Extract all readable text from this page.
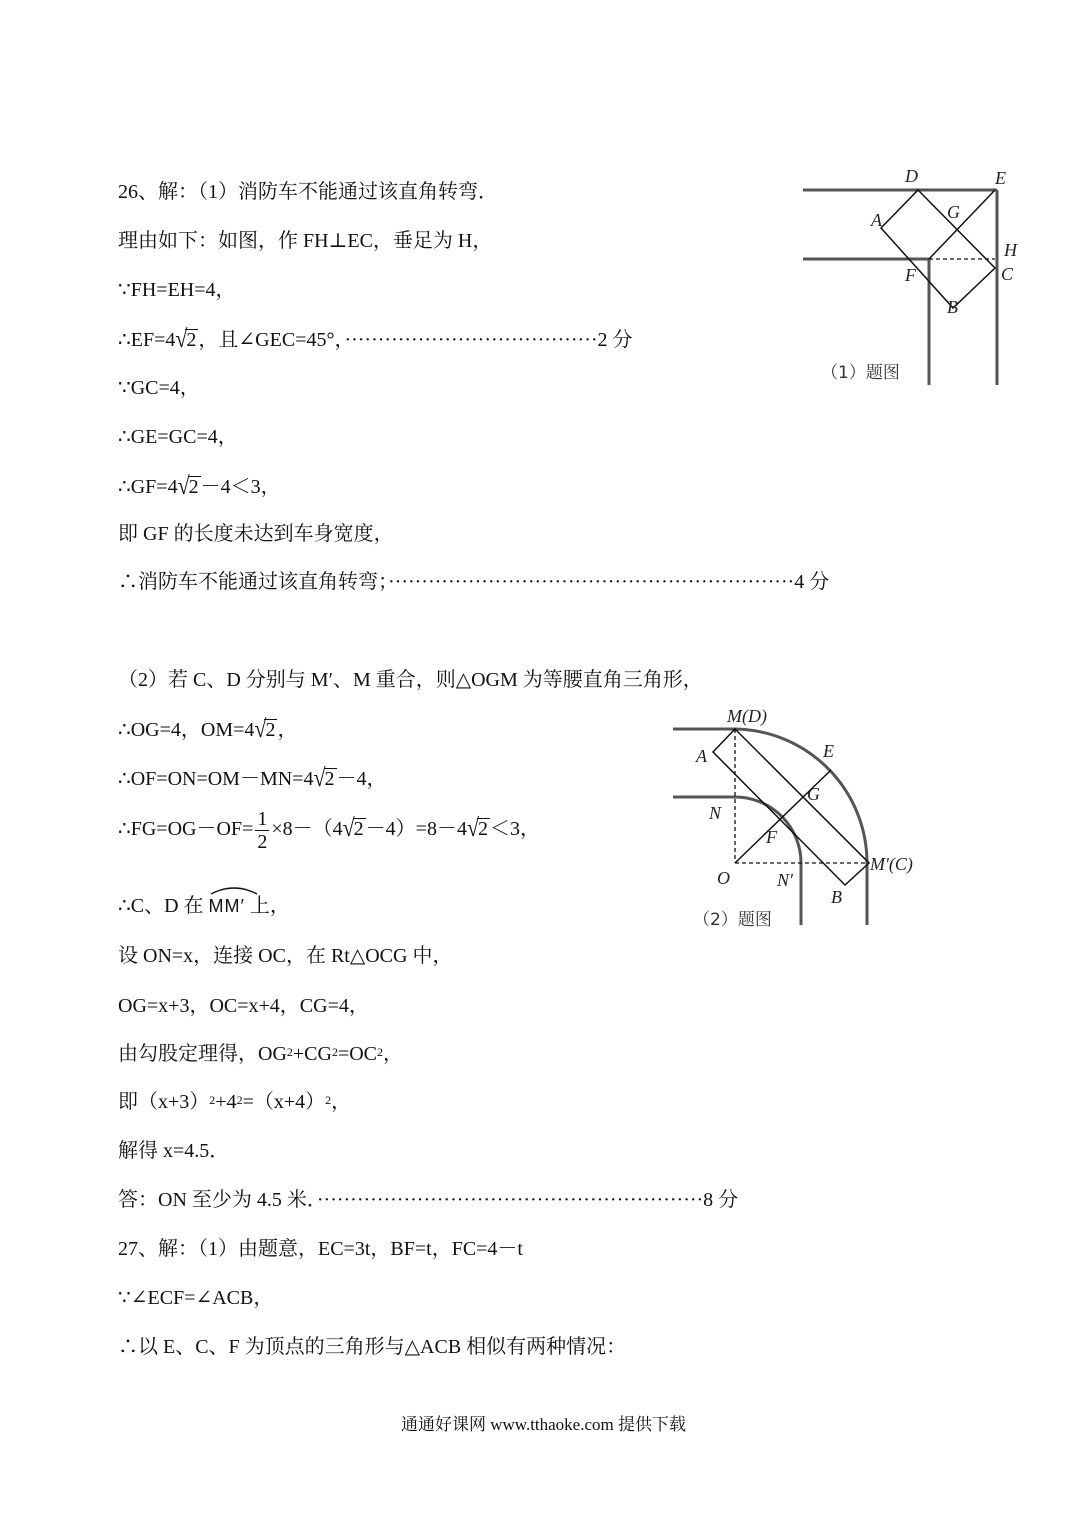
26、解：（1）消防车不能通过该直角转弯．
理由如下：如图，作 FH⊥EC，垂足为 H，
∵FH=EH=4，
∴EF=4√2 ，且∠GEC=45°，······································2 分
∵GC=4，
∴GE=GC=4，
∴GF=4√2 －4＜3，
即 GF 的长度未达到车身宽度，
∴消防车不能通过该直角转弯；·····························································4 分
（2）若 C、D 分别与 M′、M 重合，则△OGM 为等腰直角三角形，
∴OG=4，OM=4√2 ，
∴OF=ON=OM－MN=4√2 －4，
∴FG=OG－OF= $\frac{1}{2} \times 8-(4√2 -4)=8-4√2 <3$，
∴C、D 在 MM′ 上，
设 ON=x，连接 OC，在 Rt△OCG 中，
OG=x+3，OC=x+4，CG=4，
由勾股定理得，$OG^2+CG^2=OC^2$，
即$(x+3)^2+4^2=(x+4)^2$，
解得 x=4.5．
答：ON 至少为 4.5 米．··························································8 分
27、解：（1）由题意，EC=3t，BF=t，FC=4－t
∵∠ECF=∠ACB，
∴以 E、C、F 为顶点的三角形与△ACB 相似有两种情况：
D	E
A	G
H
F	C
B
（1）题图
M(D)
A	E
N
G
F
O	N′
M′(C)
B
（2）题图
通通好课网 www.tthaoke.com 提供下载
